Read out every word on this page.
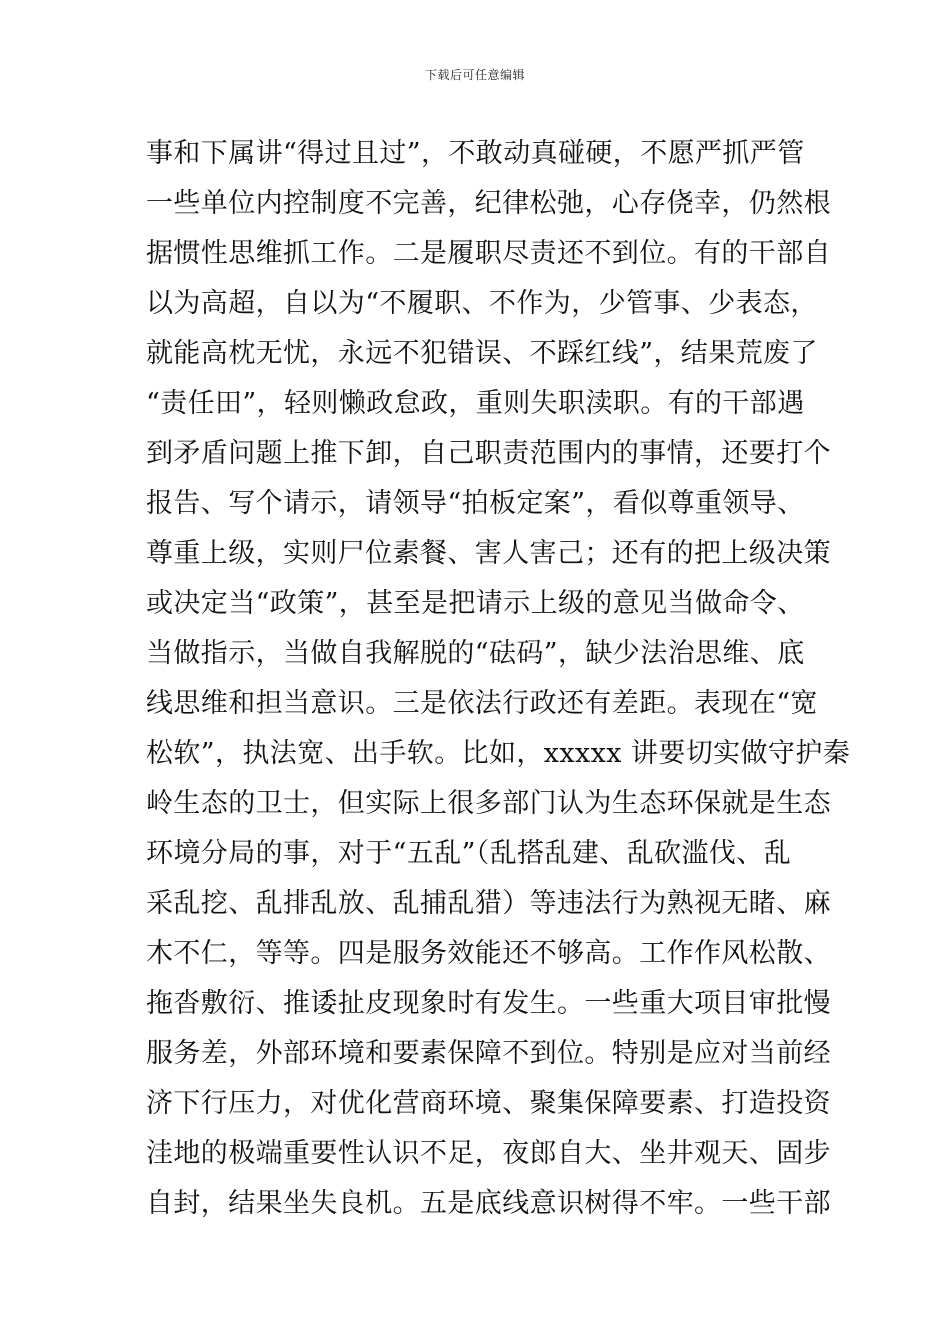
下载后可任意编辑
事和下属讲“得过且过”，不敢动真碰硬，不愿严抓严管
一些单位内控制度不完善，纪律松弛，心存侥幸，仍然根
据惯性思维抓工作。二是履职尽责还不到位。有的干部自
以为高超，自以为“不履职、不作为，少管事、少表态，
就能高枕无忧，永远不犯错误、不踩红线”，结果荒废了
“责任田”，轻则懒政怠政，重则失职渎职。有的干部遇
到矛盾问题上推下卸，自己职责范围内的事情，还要打个
报告、写个请示，请领导“拍板定案”，看似尊重领导、
尊重上级，实则尸位素餐、害人害己；还有的把上级决策
或决定当“政策”，甚至是把请示上级的意见当做命令、
当做指示，当做自我解脱的“砝码”，缺少法治思维、底
线思维和担当意识。三是依法行政还有差距。表现在“宽
松软”，执法宽、出手软。比如，xxxxx 讲要切实做守护秦
岭生态的卫士，但实际上很多部门认为生态环保就是生态
环境分局的事，对于“五乱”（乱搭乱建、乱砍滥伐、乱
采乱挖、乱排乱放、乱捕乱猎）等违法行为熟视无睹、麻
木不仁，等等。四是服务效能还不够高。工作作风松散、
拖沓敷衍、推诿扯皮现象时有发生。一些重大项目审批慢
服务差，外部环境和要素保障不到位。特别是应对当前经
济下行压力，对优化营商环境、聚集保障要素、打造投资
洼地的极端重要性认识不足，夜郎自大、坐井观天、固步
自封，结果坐失良机。五是底线意识树得不牢。一些干部
